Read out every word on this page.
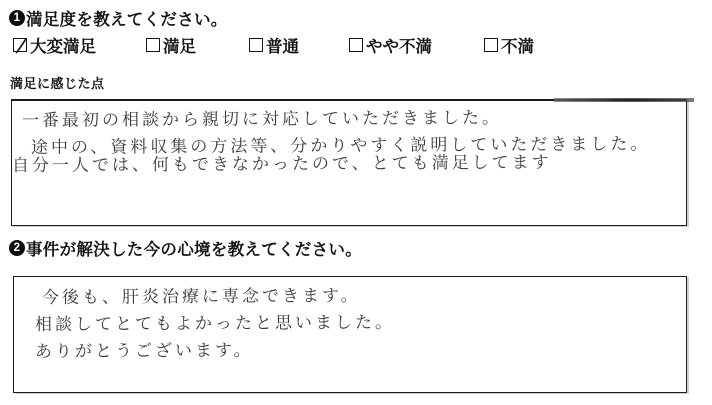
1 満足度を教えてください。
大変満足	満足	普通	やや不満	不満
満足に感じた点
一番最初の相談から親切に対応していただきました。
途中の、資料収集の方法等、分かりやすく説明していただきました。
自分一人では、何もできなかったので、とても満足してます
2 事件が解決した今の心境を教えてください。
今後も、肝炎治療に専念できます。
相談してとてもよかったと思いました。
ありがとうございます。
